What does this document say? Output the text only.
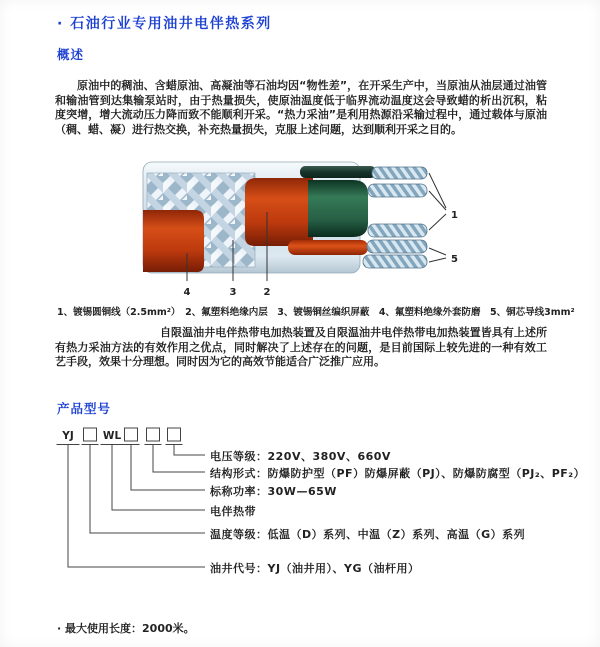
· 石油行业专用油井电伴热系列
概述
原油中的稠油、含蜡原油、高凝油等石油均因“物性差”，在开采生产中，当原油从油层通过油管和输油管到达集输泵站时，由于热量损失，使原油温度低于临界流动温度这会导致蜡的析出沉积，粘度突增，增大流动压力降而致不能顺利开采。“热力采油”是利用热源沿采输过程中，通过载体与原油（稠、蜡、凝）进行热交换，补充热量损失，克服上述问题，达到顺利开采之目的。
1
5
4	3	2
1、镀锡圆铜线（2.5mm²）　2、氟塑料绝缘内层　3、镀锡铜丝编织屏蔽　4、氟塑料绝缘外套防磨　5、铜芯导线3mm²
自限温油井电伴热带电加热装置及自限温油井电伴热带电加热装置皆具有上述所有热力采油方法的有效作用之优点，同时解决了上述存在的问题，是目前国际上较先进的一种有效工艺手段，效果十分理想。同时因为它的高效节能适合广泛推广应用。
产品型号
YJ	WL
电压等级：220V、380V、660V
结构形式：防爆防护型（PF）防爆屏蔽（PJ）、防爆防腐型（PJ₂、PF₂）
标称功率：30W—65W
电伴热带
温度等级：低温（D）系列、中温（Z）系列、高温（G）系列
油井代号：YJ（油井用）、YG（油杆用）
· 最大使用长度：2000米。
